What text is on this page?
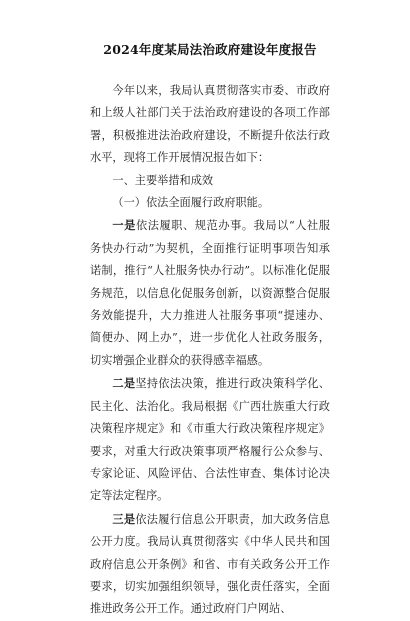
2024年度某局法治政府建设年度报告

今年以来，我局认真贯彻落实市委、市政府和上级人社部门关于法治政府建设的各项工作部署，积极推进法治政府建设，不断提升依法行政水平，现将工作开展情况报告如下：

一、主要举措和成效

（一）依法全面履行政府职能。

一是依法履职、规范办事。我局以“人社服务快办行动”为契机，全面推行证明事项告知承诺制，推行“人社服务快办行动”。以标准化促服务规范，以信息化促服务创新，以资源整合促服务效能提升，大力推进人社服务事项“提速办、简便办、网上办”，进一步优化人社政务服务，切实增强企业群众的获得感幸福感。

二是坚持依法决策，推进行政决策科学化、民主化、法治化。我局根据《广西壮族重大行政决策程序规定》和《市重大行政决策程序规定》要求，对重大行政决策事项严格履行公众参与、专家论证、风险评估、合法性审查、集体讨论决定等法定程序。

三是依法履行信息公开职责，加大政务信息公开力度。我局认真贯彻落实《中华人民共和国政府信息公开条例》和省、市有关政务公开工作要求，切实加强组织领导，强化责任落实，全面推进政务公开工作。通过政府门户网站、
